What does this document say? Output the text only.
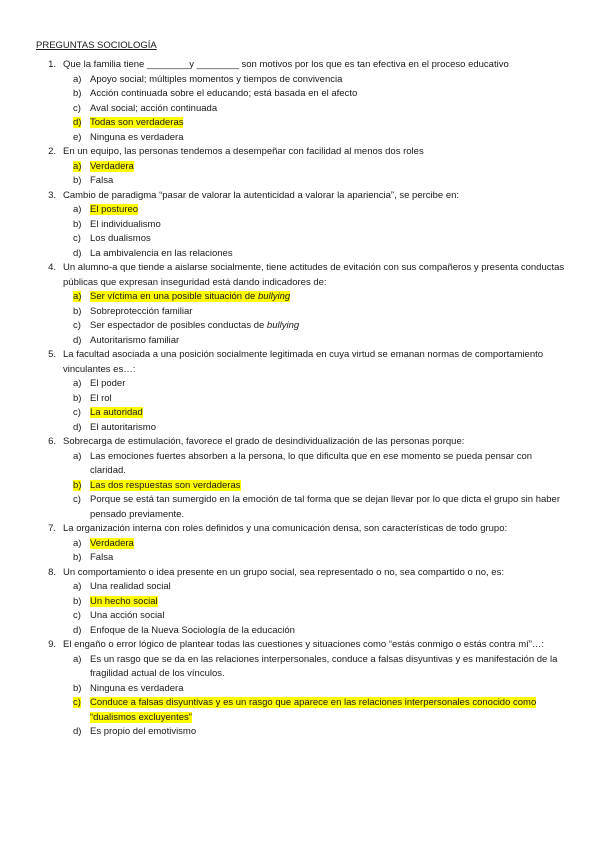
PREGUNTAS SOCIOLOGÍA
1. Que la familia tiene ________y ________ son motivos por los que es tan efectiva en el proceso educativo
a) Apoyo social; múltiples momentos y tiempos de convivencia
b) Acción continuada sobre el educando; está basada en el afecto
c) Aval social; acción continuada
d) Todas son verdaderas
e) Ninguna es verdadera
2. En un equipo, las personas tendemos a desempeñar con facilidad al menos dos roles
a) Verdadera
b) Falsa
3. Cambio de paradigma “pasar de valorar la autenticidad a valorar la apariencia”, se percibe en:
a) El postureo
b) El individualismo
c) Los dualismos
d) La ambivalencia en las relaciones
4. Un alumno-a que tiende a aislarse socialmente, tiene actitudes de evitación con sus compañeros y presenta conductas públicas que expresan inseguridad está dando indicadores de:
a) Ser víctima en una posible situación de bullying
b) Sobreprotección familiar
c) Ser espectador de posibles conductas de bullying
d) Autoritarismo familiar
5. La facultad asociada a una posición socialmente legitimada en cuya virtud se emanan normas de comportamiento vinculantes es…:
a) El poder
b) El rol
c) La autoridad
d) El autoritarismo
6. Sobrecarga de estimulación, favorece el grado de desindividualización de las personas porque:
a) Las emociones fuertes absorben a la persona, lo que dificulta que en ese momento se pueda pensar con claridad.
b) Las dos respuestas son verdaderas
c) Porque se está tan sumergido en la emoción de tal forma que se dejan llevar por lo que dicta el grupo sin haber pensado previamente.
7. La organización interna con roles definidos y una comunicación densa, son características de todo grupo:
a) Verdadera
b) Falsa
8. Un comportamiento o idea presente en un grupo social, sea representado o no, sea compartido o no, es:
a) Una realidad social
b) Un hecho social
c) Una acción social
d) Enfoque de la Nueva Sociología de la educación
9. El engaño o error lógico de plantear todas las cuestiones y situaciones como “estás conmigo o estás contra mí”…:
a) Es un rasgo que se da en las relaciones interpersonales, conduce a falsas disyuntivas y es manifestación de la fragilidad actual de los vínculos.
b) Ninguna es verdadera
c) Conduce a falsas disyuntivas y es un rasgo que aparece en las relaciones interpersonales conocido como “dualismos excluyentes”
d) Es propio del emotivismo
